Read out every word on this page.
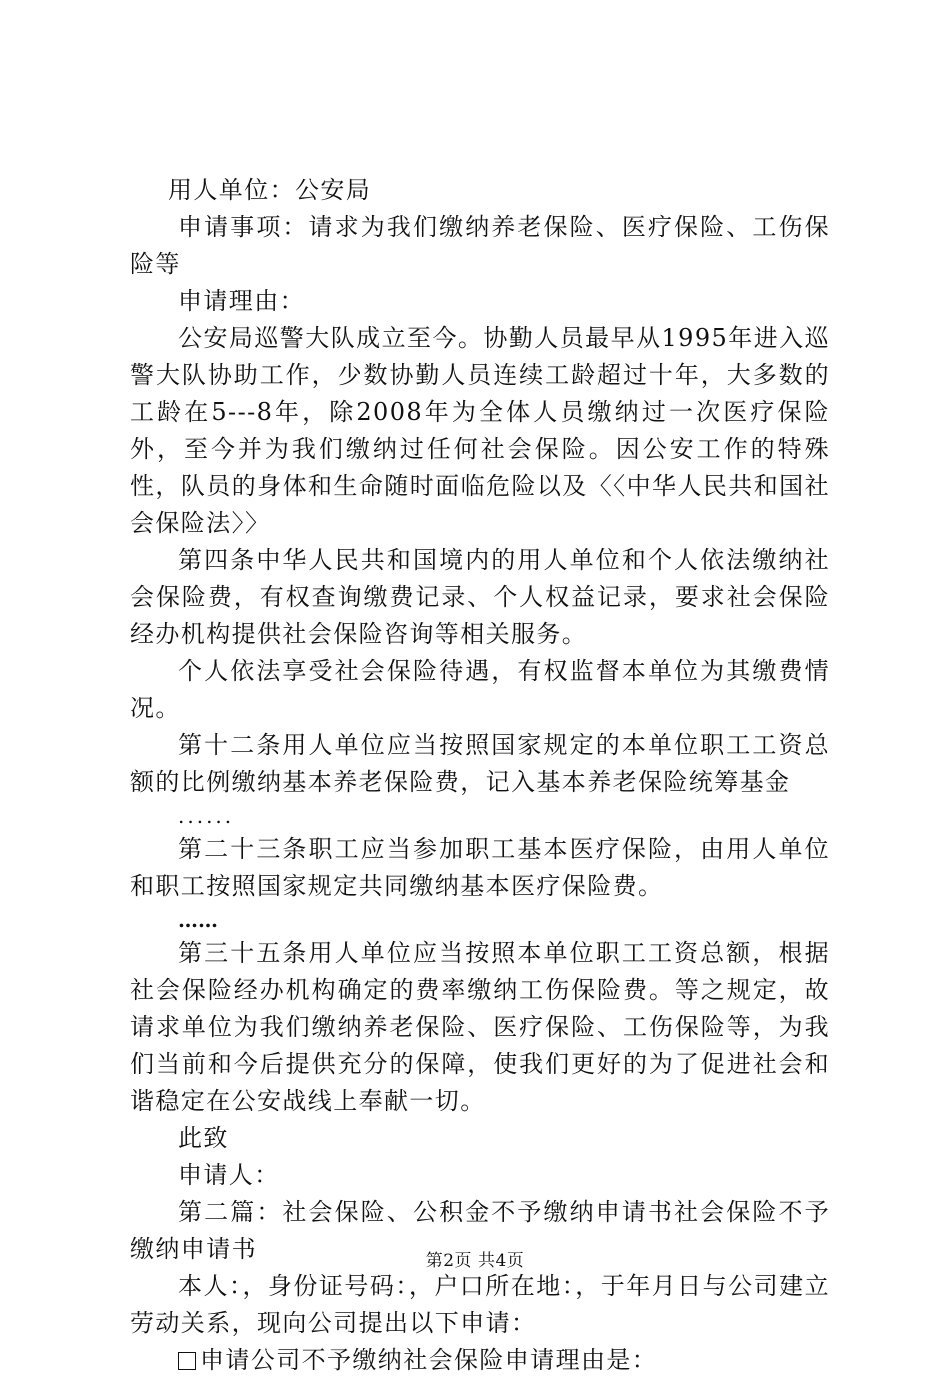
用人单位：公安局

申请事项：请求为我们缴纳养老保险、医疗保险、工伤保险等

申请理由：

公安局巡警大队成立至今。协勤人员最早从1995年进入巡警大队协助工作，少数协勤人员连续工龄超过十年，大多数的工龄在5---8年，除2008年为全体人员缴纳过一次医疗保险外，至今并为我们缴纳过任何社会保险。因公安工作的特殊性，队员的身体和生命随时面临危险以及〈〈中华人民共和国社会保险法〉〉

第四条中华人民共和国境内的用人单位和个人依法缴纳社会保险费，有权查询缴费记录、个人权益记录，要求社会保险经办机构提供社会保险咨询等相关服务。

个人依法享受社会保险待遇，有权监督本单位为其缴费情况。

第十二条用人单位应当按照国家规定的本单位职工工资总额的比例缴纳基本养老保险费，记入基本养老保险统筹基金

......

第二十三条职工应当参加职工基本医疗保险，由用人单位和职工按照国家规定共同缴纳基本医疗保险费。

……

第三十五条用人单位应当按照本单位职工工资总额，根据社会保险经办机构确定的费率缴纳工伤保险费。等之规定，故请求单位为我们缴纳养老保险、医疗保险、工伤保险等，为我们当前和今后提供充分的保障，使我们更好的为了促进社会和谐稳定在公安战线上奉献一切。

此致

申请人：

第二篇：社会保险、公积金不予缴纳申请书社会保险不予缴纳申请书

本人：，身份证号码：，户口所在地：，于年月日与公司建立劳动关系，现向公司提出以下申请：

申请公司不予缴纳社会保险申请理由是：

第2页 共4页
